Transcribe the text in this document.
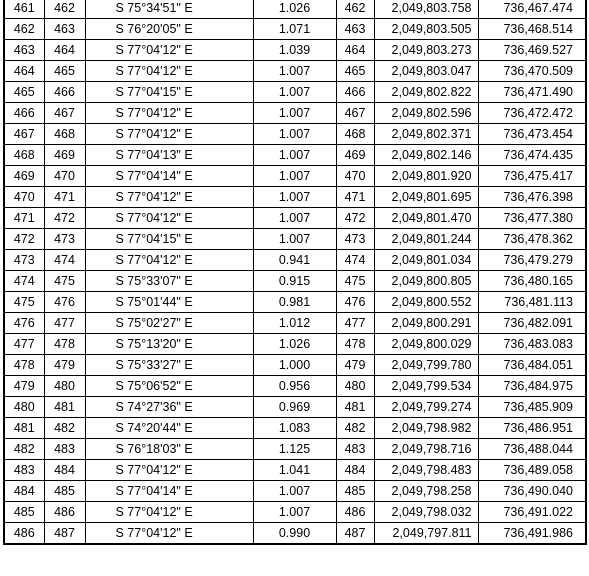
461	462	S 75°34'51" E	1.026	462	2,049,803.758	736,467.474
462	463	S 76°20'05" E	1.071	463	2,049,803.505	736,468.514
463	464	S 77°04'12" E	1.039	464	2,049,803.273	736,469.527
464	465	S 77°04'12" E	1.007	465	2,049,803.047	736,470.509
465	466	S 77°04'15" E	1.007	466	2,049,802.822	736,471.490
466	467	S 77°04'12" E	1.007	467	2,049,802.596	736,472.472
467	468	S 77°04'12" E	1.007	468	2,049,802.371	736,473.454
468	469	S 77°04'13" E	1.007	469	2,049,802.146	736,474.435
469	470	S 77°04'14" E	1.007	470	2,049,801.920	736,475.417
470	471	S 77°04'12" E	1.007	471	2,049,801.695	736,476.398
471	472	S 77°04'12" E	1.007	472	2,049,801.470	736,477.380
472	473	S 77°04'15" E	1.007	473	2,049,801.244	736,478.362
473	474	S 77°04'12" E	0.941	474	2,049,801.034	736,479.279
474	475	S 75°33'07" E	0.915	475	2,049,800.805	736,480.165
475	476	S 75°01'44" E	0.981	476	2,049,800.552	736,481.113
476	477	S 75°02'27" E	1.012	477	2,049,800.291	736,482.091
477	478	S 75°13'20" E	1.026	478	2,049,800.029	736,483.083
478	479	S 75°33'27" E	1.000	479	2,049,799.780	736,484.051
479	480	S 75°06'52" E	0.956	480	2,049,799.534	736,484.975
480	481	S 74°27'36" E	0.969	481	2,049,799.274	736,485.909
481	482	S 74°20'44" E	1.083	482	2,049,798.982	736,486.951
482	483	S 76°18'03" E	1.125	483	2,049,798.716	736,488.044
483	484	S 77°04'12" E	1.041	484	2,049,798.483	736,489.058
484	485	S 77°04'14" E	1.007	485	2,049,798.258	736,490.040
485	486	S 77°04'12" E	1.007	486	2,049,798.032	736,491.022
486	487	S 77°04'12" E	0.990	487	2,049,797.811	736,491.986
